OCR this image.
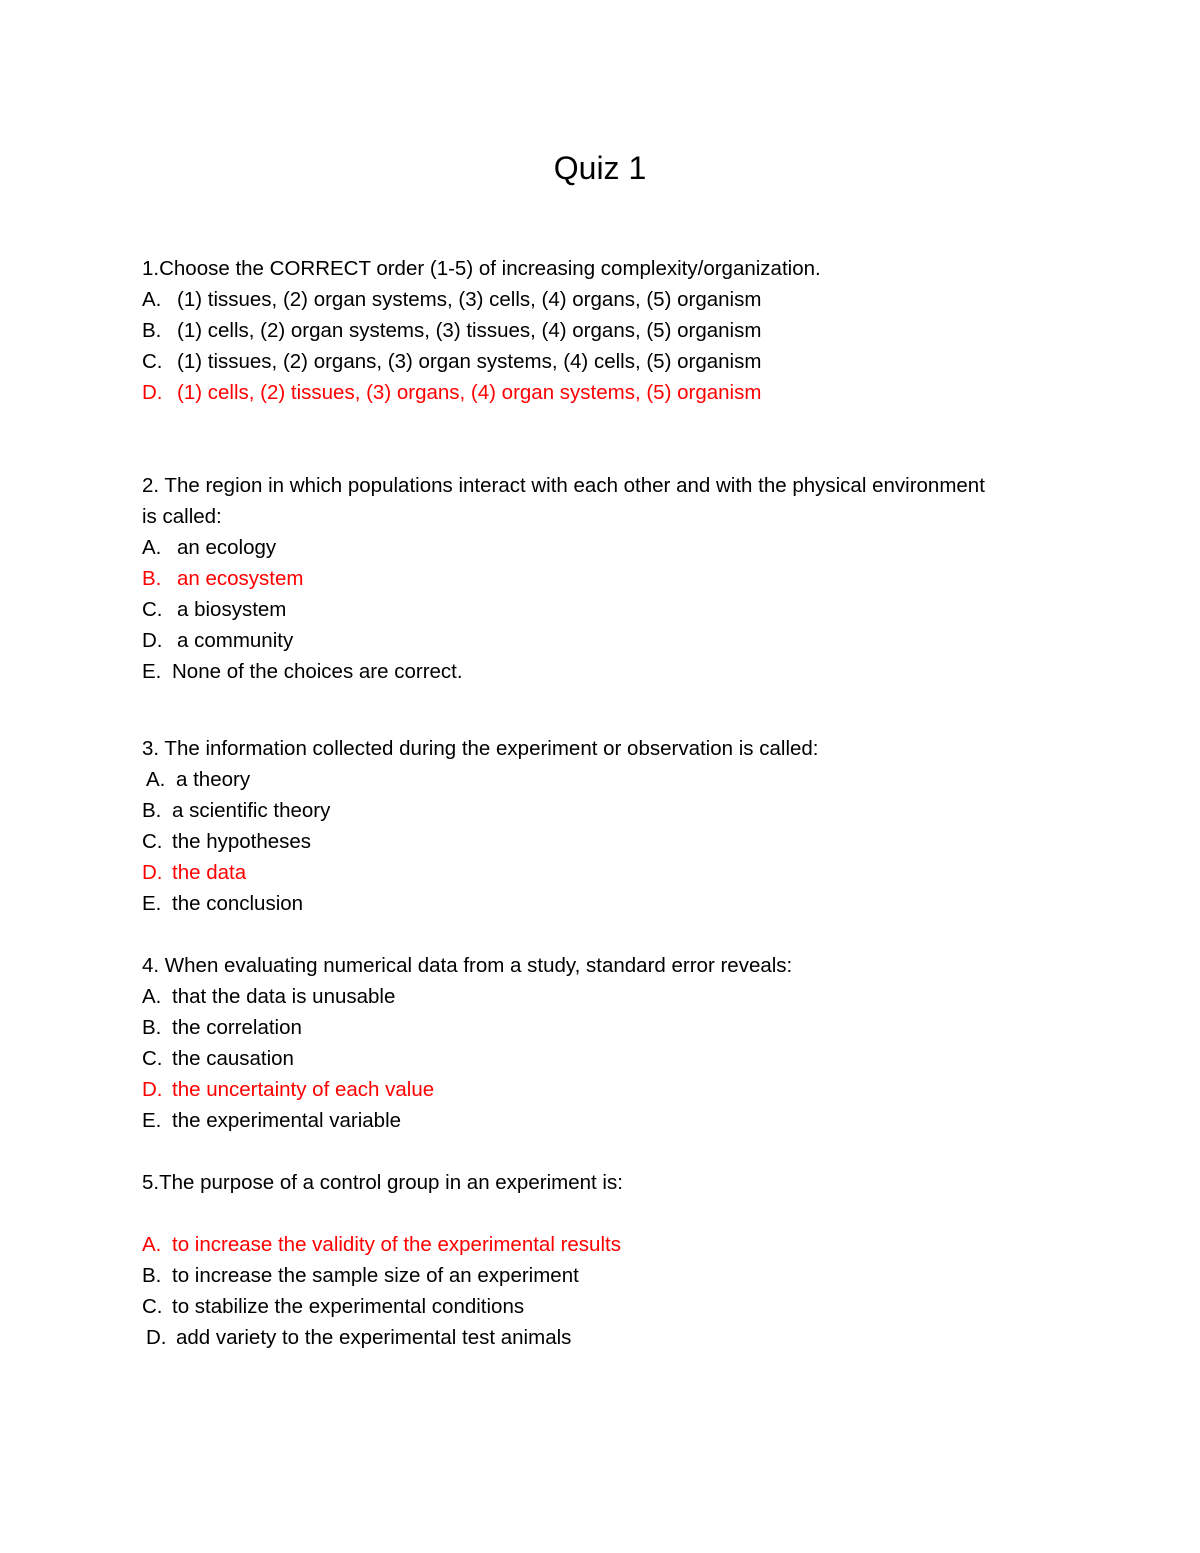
Quiz 1
1.Choose the CORRECT order (1-5) of increasing complexity/organization.
A. (1) tissues, (2) organ systems, (3) cells, (4) organs, (5) organism
B. (1) cells, (2) organ systems, (3) tissues, (4) organs, (5) organism
C. (1) tissues, (2) organs, (3) organ systems, (4) cells, (5) organism
D. (1) cells, (2) tissues, (3) organs, (4) organ systems, (5) organism
2. The region in which populations interact with each other and with the physical environment
is called:
A. an ecology
B. an ecosystem
C. a biosystem
D. a community
E. None of the choices are correct.
3. The information collected during the experiment or observation is called:
A. a theory
B. a scientific theory
C. the hypotheses
D. the data
E. the conclusion
4. When evaluating numerical data from a study, standard error reveals:
A. that the data is unusable
B. the correlation
C. the causation
D. the uncertainty of each value
E. the experimental variable
5.The purpose of a control group in an experiment is:
A. to increase the validity of the experimental results
B. to increase the sample size of an experiment
C. to stabilize the experimental conditions
D. add variety to the experimental test animals
